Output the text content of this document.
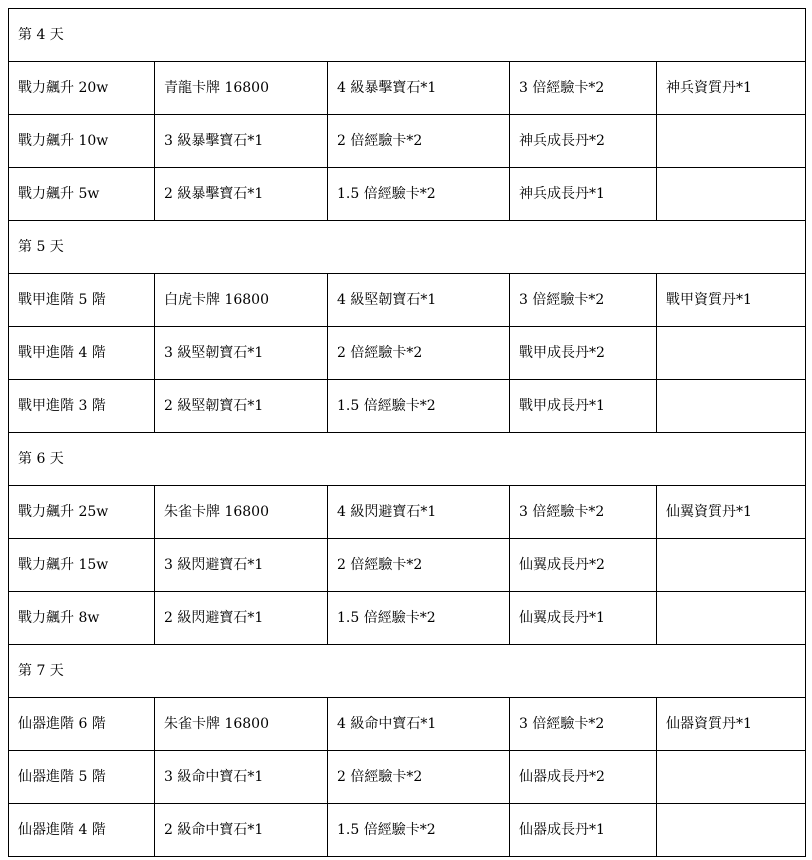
第 4 天				
戰力飆升 20w	青龍卡牌 16800	4 級暴擊寶石*1	3 倍經驗卡*2	神兵資質丹*1
戰力飆升 10w	3 級暴擊寶石*1	2 倍經驗卡*2	神兵成長丹*2	
戰力飆升 5w	2 級暴擊寶石*1	1.5 倍經驗卡*2	神兵成長丹*1	
第 5 天				
戰甲進階 5 階	白虎卡牌 16800	4 級堅韌寶石*1	3 倍經驗卡*2	戰甲資質丹*1
戰甲進階 4 階	3 級堅韌寶石*1	2 倍經驗卡*2	戰甲成長丹*2	
戰甲進階 3 階	2 級堅韌寶石*1	1.5 倍經驗卡*2	戰甲成長丹*1	
第 6 天				
戰力飆升 25w	朱雀卡牌 16800	4 級閃避寶石*1	3 倍經驗卡*2	仙翼資質丹*1
戰力飆升 15w	3 級閃避寶石*1	2 倍經驗卡*2	仙翼成長丹*2	
戰力飆升 8w	2 級閃避寶石*1	1.5 倍經驗卡*2	仙翼成長丹*1	
第 7 天				
仙器進階 6 階	朱雀卡牌 16800	4 級命中寶石*1	3 倍經驗卡*2	仙器資質丹*1
仙器進階 5 階	3 級命中寶石*1	2 倍經驗卡*2	仙器成長丹*2	
仙器進階 4 階	2 級命中寶石*1	1.5 倍經驗卡*2	仙器成長丹*1	
